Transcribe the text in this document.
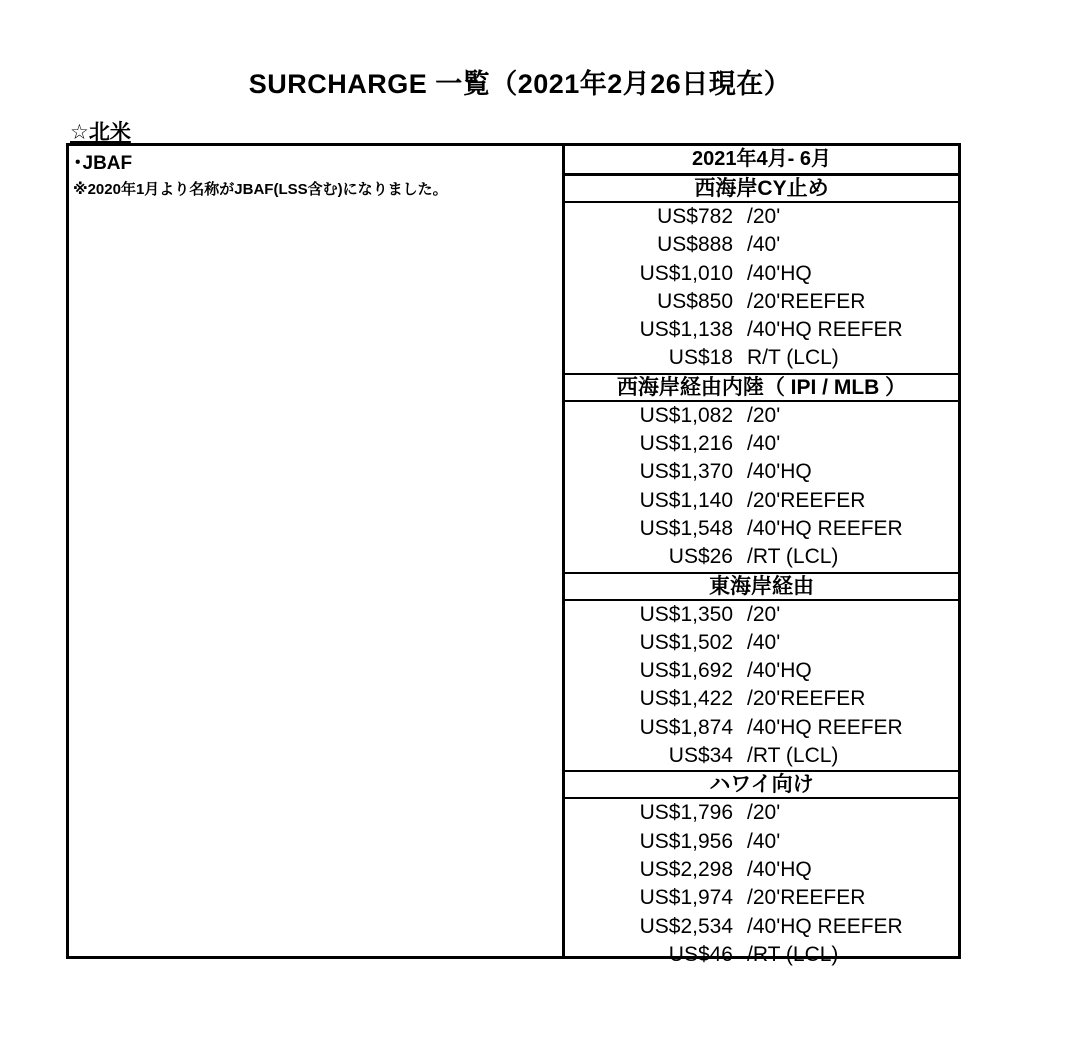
SURCHARGE 一覧（2021年2月26日現在）
☆北米
･JBAF
※2020年1月より名称がJBAF(LSS含む)になりました。
2021年4月- 6月
西海岸CY止め
US$782 /20'
US$888 /40'
US$1,010 /40'HQ
US$850 /20'REEFER
US$1,138 /40'HQ REEFER
US$18 R/T (LCL)
西海岸経由内陸（ IPI / MLB ）
US$1,082 /20'
US$1,216 /40'
US$1,370 /40'HQ
US$1,140 /20'REEFER
US$1,548 /40'HQ REEFER
US$26 /RT (LCL)
東海岸経由
US$1,350 /20'
US$1,502 /40'
US$1,692 /40'HQ
US$1,422 /20'REEFER
US$1,874 /40'HQ REEFER
US$34 /RT (LCL)
ハワイ向け
US$1,796 /20'
US$1,956 /40'
US$2,298 /40'HQ
US$1,974 /20'REEFER
US$2,534 /40'HQ REEFER
US$46 /RT (LCL)
